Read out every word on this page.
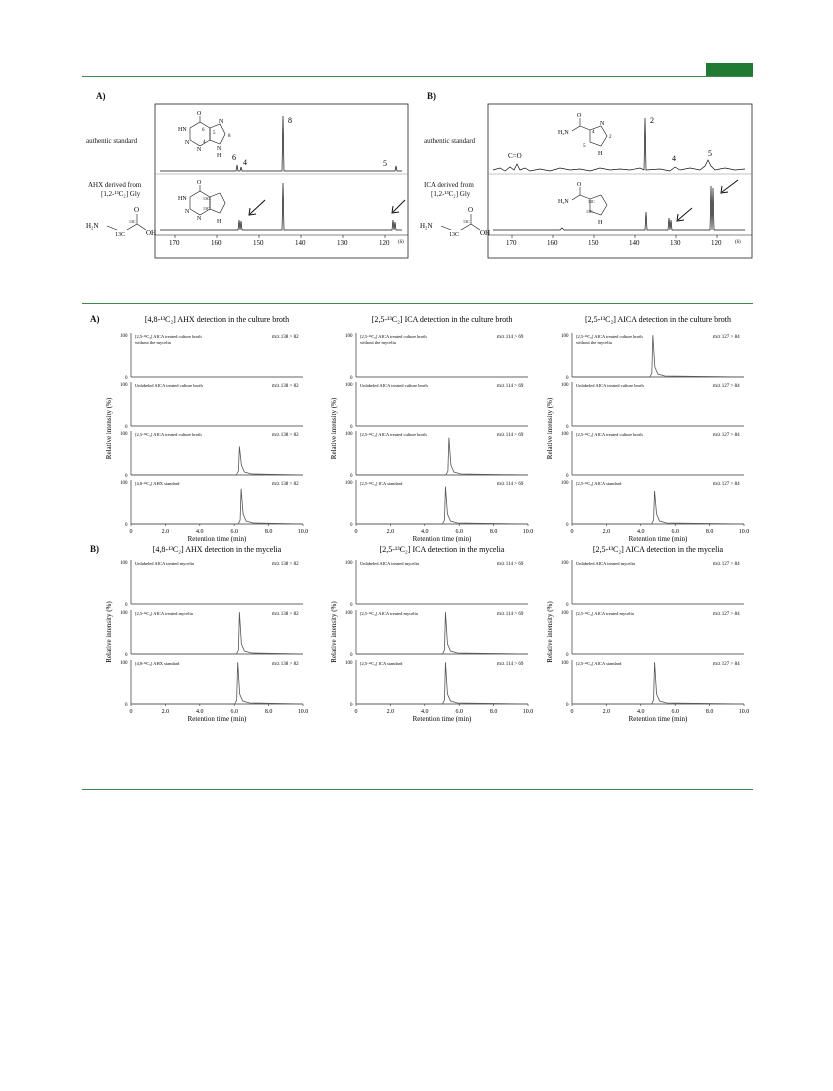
A)
authentic standard
AHX derived from
[1,2-¹³C₂] Gly
170	160	150	140	130	120 (δ)
8
6
4	5
O
HN
N
N
N
N
H
6
5
4
8
O
HN
N
N	H
13C
13C
H₂N
13C
13C
O
OH
B)
authentic standard
ICA derived from
[1,2-¹³C₂] Gly
170	160	150	140	130	120	(δ)
C=O
2
4
5
O
H₂N
N
4
2
5
H
O
H₂N	13C
13C
H
H₂N
13C
13C
O
OH
A)
B)
[4,8-¹³C₂] AHX detection in the culture broth
100
0
[2,5-¹³C₂] AICA treated culture broth
without the mycelia
m/z 138 > 82
100
0
Unlabeled AICA treated culture broth	m/z 138 > 82
100
0
[2,5-¹³C₂] AICA treated culture broth	m/z 138 > 82
100
0
[4,8-¹³C₂] AHX standard	m/z 138 > 82
0	2.0	4.0	6.0	8.0	10.0
Retention time (min)
Relative intensity (%)
[2,5-¹³C₂] ICA detection in the culture broth
100
0
[2,5-¹³C₂] AICA treated culture broth
without the mycelia
m/z 114 > 69
100
0
Unlabeled AICA treated culture broth	m/z 114 > 69
100
0
[2,5-¹³C₂] AICA treated culture broth	m/z 114 > 69
100
0
[2,5-¹³C₂] ICA standard	m/z 114 > 69
0	2.0	4.0	6.0	8.0	10.0
Retention time (min)
Relative intensity (%)
[2,5-¹³C₂] AICA detection in the culture broth
100
0
[2,5-¹³C₂] AICA treated culture broth
without the mycelia
m/z 127 > 84
100
0
Unlabeled AICA treated culture broth	m/z 127 > 84
100
0
[2,5-¹³C₂] AICA treated culture broth	m/z 127 > 84
100
0
[2,5-¹³C₂] AICA standard	m/z 127 > 84
0	2.0	4.0	6.0	8.0	10.0
Retention time (min)
Relative intensity (%)
[4,8-¹³C₂] AHX detection in the mycelia
100
0
Unlabeled AICA treated mycelia	m/z 138 > 82
100
0
[2,5-¹³C₂] AICA treated mycelia	m/z 138 > 82
100
0
[4,8-¹³C₂] AHX standard	m/z 138 > 82
0	2.0	4.0	6.0	8.0	10.0
Retention time (min)
Relative intensity (%)
[2,5-¹³C₂] ICA detection in the mycelia
100
0
Unlabeled AICA treated mycelia	m/z 114 > 69
100
0
[2,5-¹³C₂] AICA treated mycelia	m/z 114 > 69
100
0
[2,5-¹³C₂] ICA standard	m/z 114 > 69
0	2.0	4.0	6.0	8.0	10.0
Retention time (min)
Relative intensity (%)
[2,5-¹³C₂] AICA detection in the mycelia
100
0
Unlabeled AICA treated mycelia	m/z 127 > 84
100
0
[2,5-¹³C₂] AICA treated mycelia	m/z 127 > 84
100
0
[2,5-¹³C₂] AICA standard	m/z 127 > 84
0	2.0	4.0	6.0	8.0	10.0
Retention time (min)
Relative intensity (%)
